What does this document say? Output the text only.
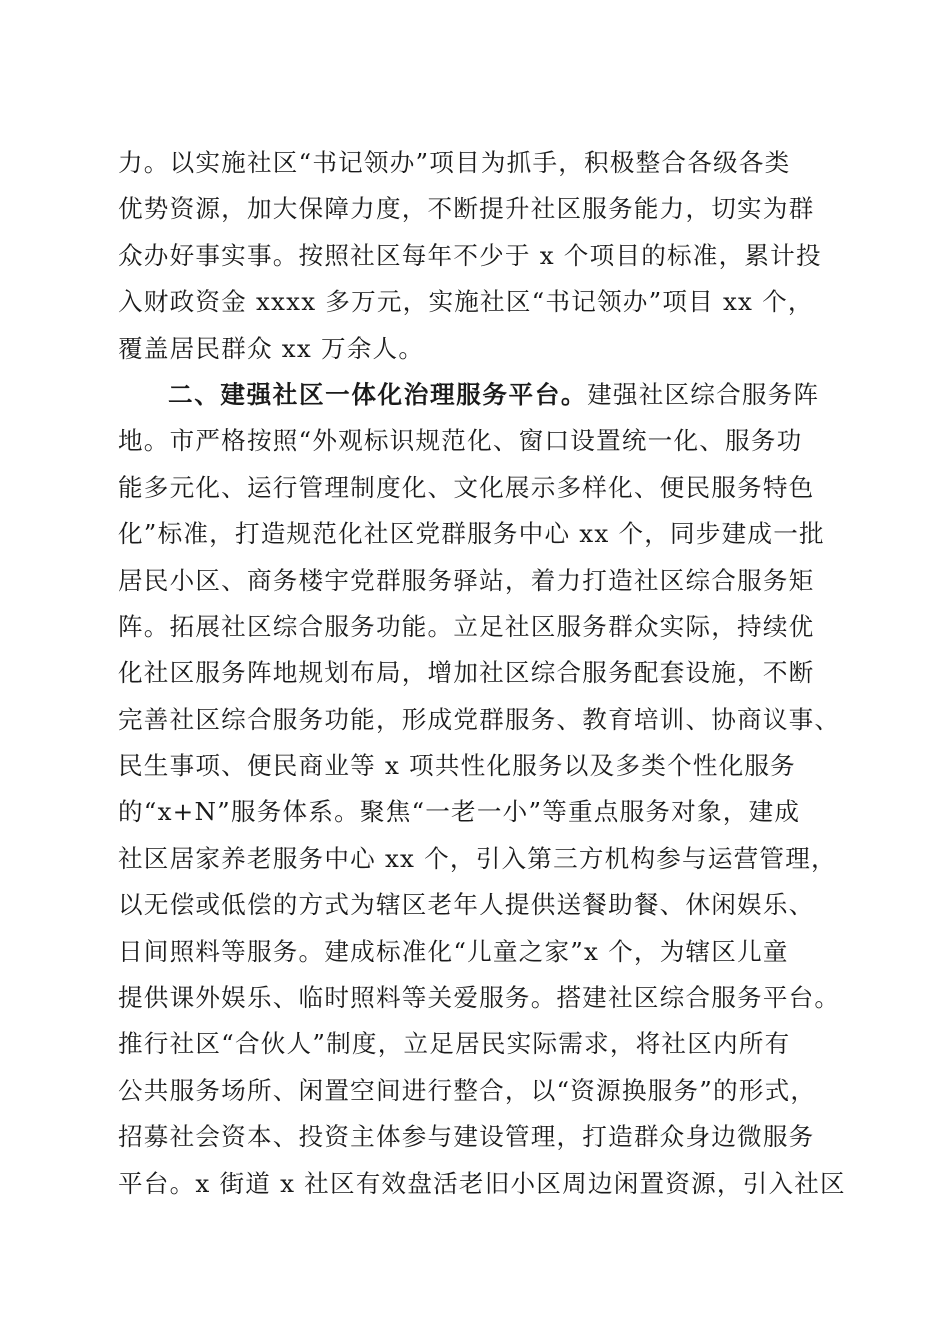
力。以实施社区“书记领办”项目为抓手，积极整合各级各类
优势资源，加大保障力度，不断提升社区服务能力，切实为群
众办好事实事。按照社区每年不少于 x 个项目的标准，累计投
入财政资金 xxxx 多万元，实施社区“书记领办”项目 xx 个，
覆盖居民群众 xx 万余人。
二、建强社区一体化治理服务平台。建强社区综合服务阵
地。市严格按照“外观标识规范化、窗口设置统一化、服务功
能多元化、运行管理制度化、文化展示多样化、便民服务特色
化”标准，打造规范化社区党群服务中心 xx 个，同步建成一批
居民小区、商务楼宇党群服务驿站，着力打造社区综合服务矩
阵。拓展社区综合服务功能。立足社区服务群众实际，持续优
化社区服务阵地规划布局，增加社区综合服务配套设施，不断
完善社区综合服务功能，形成党群服务、教育培训、协商议事、
民生事项、便民商业等 x 项共性化服务以及多类个性化服务
的“x+N”服务体系。聚焦“一老一小”等重点服务对象，建成
社区居家养老服务中心 xx 个，引入第三方机构参与运营管理，
以无偿或低偿的方式为辖区老年人提供送餐助餐、休闲娱乐、
日间照料等服务。建成标准化“儿童之家”x 个，为辖区儿童
提供课外娱乐、临时照料等关爱服务。搭建社区综合服务平台。
推行社区“合伙人”制度，立足居民实际需求，将社区内所有
公共服务场所、闲置空间进行整合，以“资源换服务”的形式，
招募社会资本、投资主体参与建设管理，打造群众身边微服务
平台。x 街道 x 社区有效盘活老旧小区周边闲置资源，引入社区
